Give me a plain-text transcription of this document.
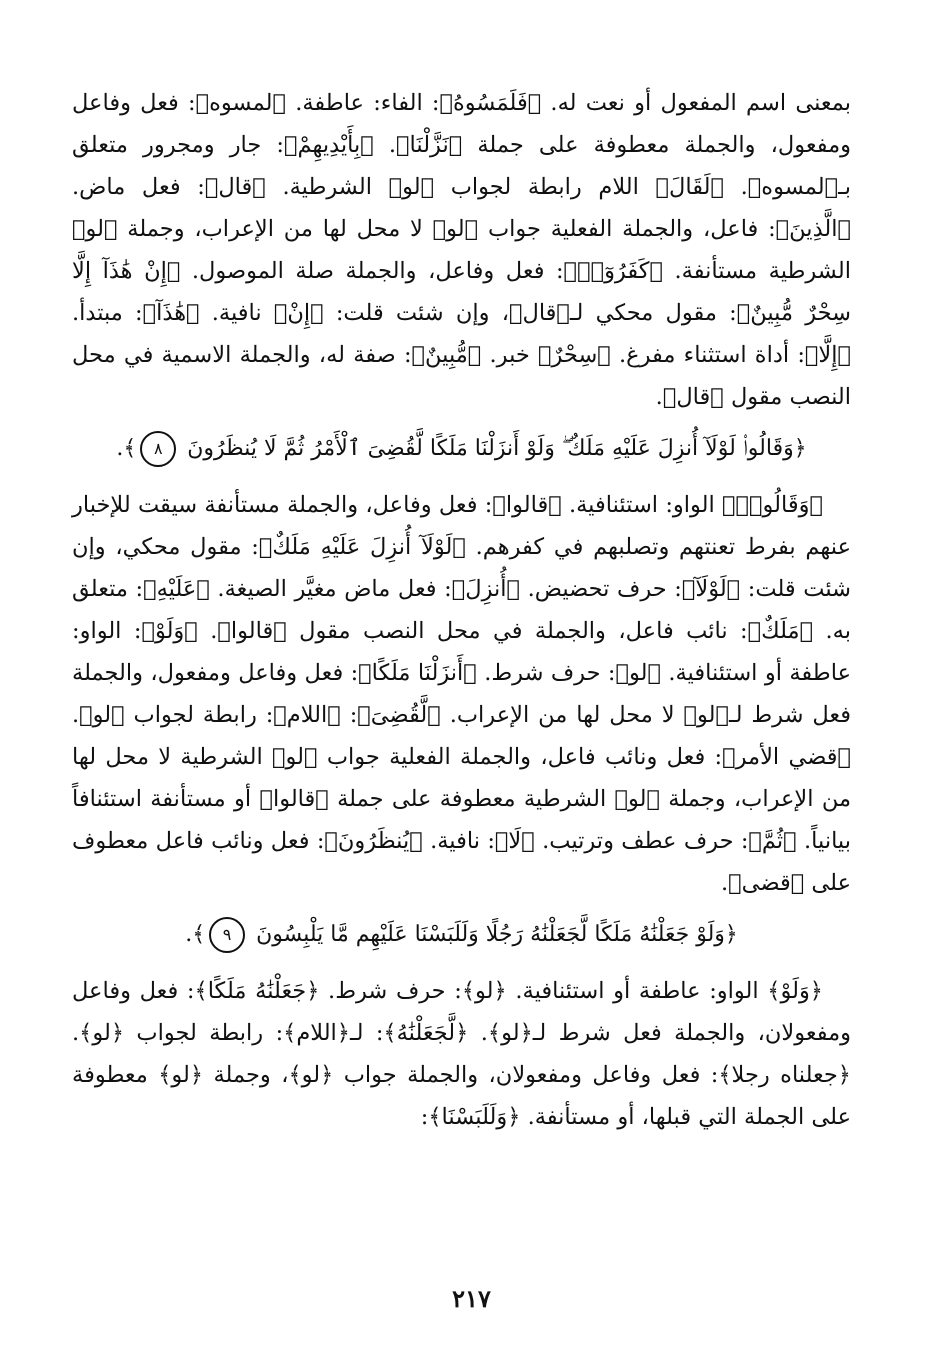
بمعنى اسم المفعول أو نعت له. ﴿فَلَمَسُوهُ﴾: الفاء: عاطفة. ﴿لمسوه﴾: فعل وفاعل ومفعول، والجملة معطوفة على جملة ﴿نَزَّلْنَا﴾. ﴿بِأَيْدِيهِمْ﴾: جار ومجرور متعلق بـ﴿لمسوه﴾. ﴿لَقَالَ﴾ اللام رابطة لجواب ﴿لو﴾ الشرطية. ﴿قال﴾: فعل ماض. ﴿الَّذِينَ﴾: فاعل، والجملة الفعلية جواب ﴿لو﴾ لا محل لها من الإعراب، وجملة ﴿لو﴾ الشرطية مستأنفة. ﴿كَفَرُوٓا۟﴾: فعل وفاعل، والجملة صلة الموصول. ﴿إِنْ هَٰذَآ إِلَّا سِحْرٌ مُّبِينٌ﴾: مقول محكي لـ﴿قال﴾، وإن شئت قلت: ﴿إِنْ﴾ نافية. ﴿هَٰذَآ﴾: مبتدأ. ﴿إِلَّا﴾: أداة استثناء مفرغ. ﴿سِحْرٌ﴾ خبر. ﴿مُّبِينٌ﴾: صفة له، والجملة الاسمية في محل النصب مقول ﴿قال﴾.

﴿وَقَالُوا۟ لَوْلَآ أُنزِلَ عَلَيْهِ مَلَكٌ ۖ وَلَوْ أَنزَلْنَا مَلَكًا لَّقُضِىَ ٱلْأَمْرُ ثُمَّ لَا يُنظَرُونَ ٨﴾.

﴿وَقَالُوا۟﴾ الواو: استئنافية. ﴿قالوا﴾: فعل وفاعل، والجملة مستأنفة سيقت للإخبار عنهم بفرط تعنتهم وتصلبهم في كفرهم. ﴿لَوْلَآ أُنزِلَ عَلَيْهِ مَلَكٌ﴾: مقول محكي، وإن شئت قلت: ﴿لَوْلَآ﴾: حرف تحضيض. ﴿أُنزِلَ﴾: فعل ماض مغيَّر الصيغة. ﴿عَلَيْهِ﴾: متعلق به. ﴿مَلَكٌ﴾: نائب فاعل، والجملة في محل النصب مقول ﴿قالوا﴾. ﴿وَلَوْ﴾: الواو: عاطفة أو استئنافية. ﴿لو﴾: حرف شرط. ﴿أَنزَلْنَا مَلَكًا﴾: فعل وفاعل ومفعول، والجملة فعل شرط لـ﴿لو﴾ لا محل لها من الإعراب. ﴿لَّقُضِىَ﴾: ﴿اللام﴾: رابطة لجواب ﴿لو﴾. ﴿قضي الأمر﴾: فعل ونائب فاعل، والجملة الفعلية جواب ﴿لو﴾ الشرطية لا محل لها من الإعراب، وجملة ﴿لو﴾ الشرطية معطوفة على جملة ﴿قالوا﴾ أو مستأنفة استئنافاً بيانياً. ﴿ثُمَّ﴾: حرف عطف وترتيب. ﴿لَا﴾: نافية. ﴿يُنظَرُونَ﴾: فعل ونائب فاعل معطوف على ﴿قضى﴾.

﴿وَلَوْ جَعَلْنَٰهُ مَلَكًا لَّجَعَلْنَٰهُ رَجُلًا وَلَلَبَسْنَا عَلَيْهِم مَّا يَلْبِسُونَ ٩﴾.

﴿وَلَوْ﴾ الواو: عاطفة أو استئنافية. ﴿لو﴾: حرف شرط. ﴿جَعَلْنَٰهُ مَلَكًا﴾: فعل وفاعل ومفعولان، والجملة فعل شرط لـ﴿لو﴾. ﴿لَّجَعَلْنَٰهُ﴾: لـ﴿اللام﴾: رابطة لجواب ﴿لو﴾. ﴿جعلناه رجلا﴾: فعل وفاعل ومفعولان، والجملة جواب ﴿لو﴾، وجملة ﴿لو﴾ معطوفة على الجملة التي قبلها، أو مستأنفة. ﴿وَلَلَبَسْنَا﴾:

٢١٧
